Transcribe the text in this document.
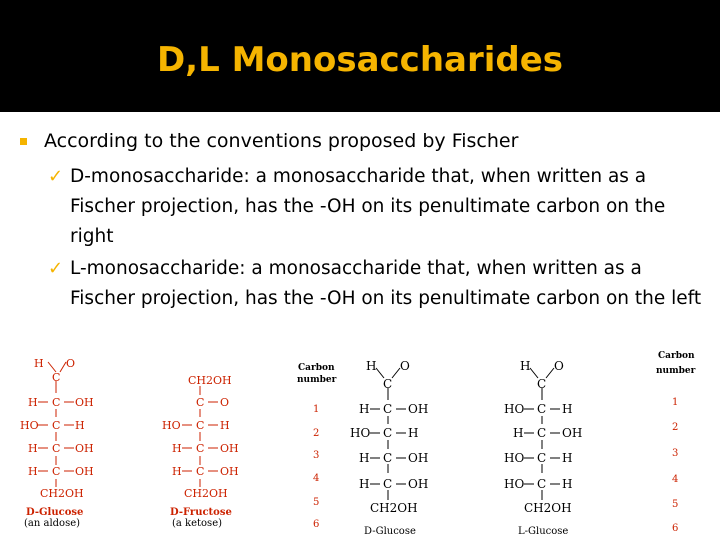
D,L Monosaccharides
According to the conventions proposed by Fischer
✓ D-monosaccharide: a monosaccharide that, when written as a Fischer projection, has the -OH on its penultimate carbon on the right
✓ L-monosaccharide: a monosaccharide that, when written as a Fischer projection, has the -OH on its penultimate carbon on the left
H O
C
H C OH
HO C H
H C OH
H C OH
CH2OH
D-Glucose
(an aldose)
CH2OH
C O
HO C H
H C OH
H C OH
CH2OH
D-Fructose
(a ketose)
Carbon
number
1
2
3
4
5
6
H O
C
H C OH
HO C H
H C OH
H C OH
CH2OH
D-Glucose
H O
C
HO C H
H C OH
HO C H
HO C H
CH2OH
L-Glucose
Carbon
number
1
2
3
4
5
6
